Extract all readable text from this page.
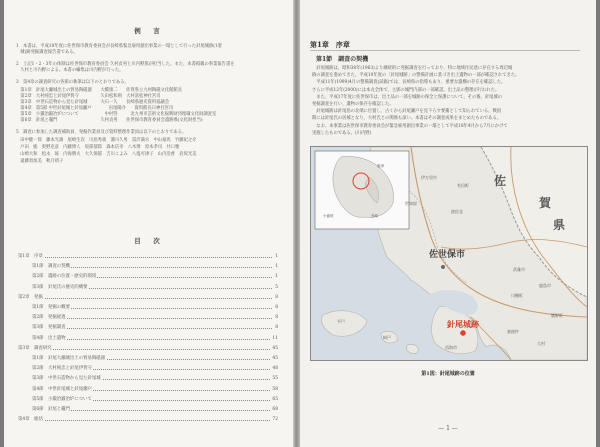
例　言
1　本書は、平成18年度に佐世保市教育委員会が長崎県緊急雇用創出事業の一環として行った針尾城跡(1着
　城)跡発掘調査報告書である。
2　上記1・2・3年の体制は佐世保市教育委員会 久村貞男と川内野篤が担当した。また、本書掲載の事業報告書を
　久村と川内野による。本書の編集は川内野が行った。
3　第4章の調査研究の各節の執筆は以下のとおりである。
　第1章　針尾大瀬城出土の貿易陶磁器　　大橋康二　　佐賀県立九州陶磁文化館館長
　第2章　大村純忠と針尾伊賀守　　　　　久田松和則　大村富松神社宮司
　第3章　中世石造物から見た針尾城　　　大石一久　　長崎県歴史資料協議会
　第4章　第5節 中世針尾城と針尾瀬戸　　　　岩尾陽介　　資料館長日神社宮司
　第5章　小鍛冶鍛冶炉について　　　　　　中村啓　　　北九州市芸術文化振興財団埋蔵文化財調査室
　第6章　針尾と竈門　　　　　　　　　　久村貞男　　佐世保市教育委員会遺跡係(文化財担当)
5　調査に参加した調査補助員、発掘作業員及び資料整理作業員は以下のとおりである。
　田中健一郎　藤本光雄　尾崎生次　川島秀義　溝川久男　冨沢満水　中山豪馬　竹藤紀之介
　戸田　総　奥野克彦　内藤博人　坂部郁郎　森本信幸　八木博　原本孝司　井口雅　
　山崎大和　松永　琢　内海勝夫　大久保郁　吉川こよみ　八塩可津子　山内浩香　岩坂光美
　遠藤須加美　秋月靖子
目　次
第1章　序章	1
第1節　調査の契機	1
第2節　遺跡の位置・歴史的環境	1
第3節　針尾氏の歴史的概要	5
第2章　発掘	8
第1節　発掘の概要	8
第2節　発掘経過	8
第3節　発掘調査	8
第4節　出土遺物	11
第3章　調査研究	45
第1節　針尾大瀬城出土の貿易陶磁器	45
第2節　大村純忠と針尾伊賀守	48
第3節　中世石造物から見た針尾城	55
第4節　中世針尾城と針尾瀬戸	58
第5節　小鍛冶鍛冶炉について	65
第6節　針尾と竈門	68
第4章　総括	72
第1章　序章
第1節　調査の契機
　針尾城跡は、昭和38年(1963)より継続的に発掘調査を行っており、特に地域住民達に存在する周辺城
跡の調査を進めてきた。平成10年度の「針尾城跡」の整備計画に基づき出土遺物の一部が確認されてきた。
　平成11年(1999)4月の整備調査(試掘)では、長崎県の指導もあり、重要な遺構の存在を確認した。
さらに平成12年(2000)には本丸全体で、主郭の城門内部の一部確認、出土品の整理が行われた。
　また、平成17年度に佐世保市は、出土品の一部を城跡の保全と保護について、その後、針尾城の
発掘調査を行い、遺物の保存を確認した。
　針尾城跡は針尾島の北端に位置し、古くから針尾瀬戸を見下ろす要衝として知られている。戦国
期には針尾氏の居城となり、大村氏との関係も深い。本書はその調査成果をまとめたものである。
　なお、本事業は佐世保市教育委員会が緊急雇用創出事業の一環として平成18年4月から7月にかけて
実施したものである。(川内野)
佐
賀
県
佐世保市
針尾城跡
伊万里市
有田町
世知原
波佐見
武雄市
鹿島市
嬉野町
川棚町
東彼杵
平戸
崎戸
西海市
唐津
小値賀	長崎
大村
第1図：針尾城跡の位置
— 1 —
